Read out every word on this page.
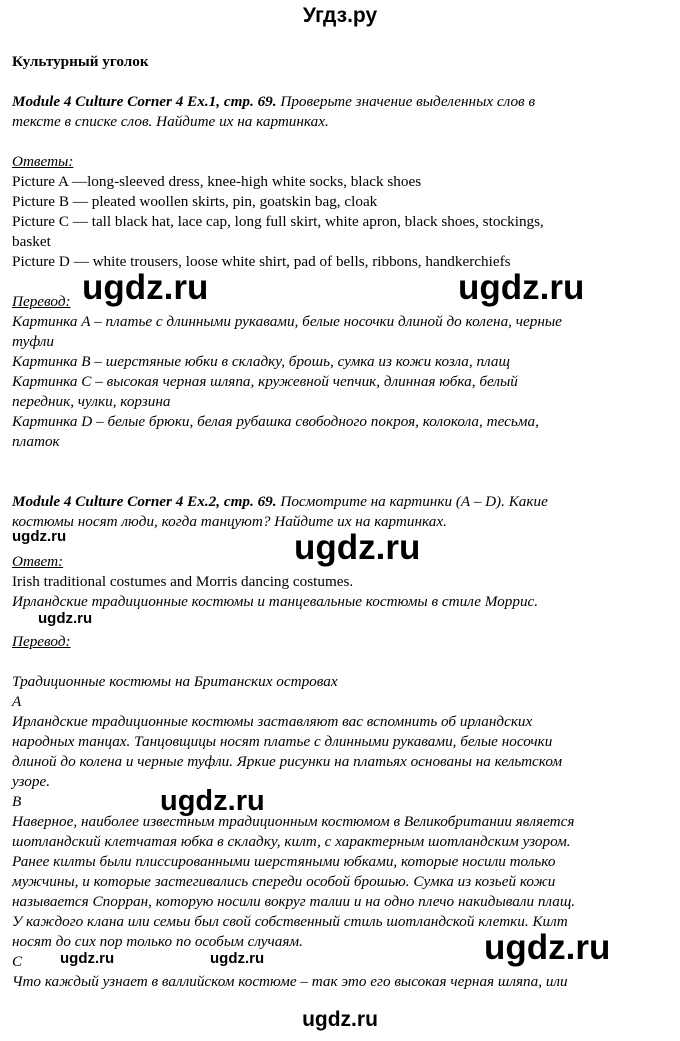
Угдз.ру
Культурный уголок
Module 4 Culture Corner 4 Ex.1, стр. 69. Проверьте значение выделенных слов в
тексте в списке слов. Найдите их на картинках.
Ответы:
Picture A —long-sleeved dress, knee-high white socks, black shoes
Picture B — pleated woollen skirts, pin, goatskin bag, cloak
Picture C — tall black hat, lace cap, long full skirt, white apron, black shoes, stockings,
basket
Picture D — white trousers, loose white shirt, pad of bells, ribbons, handkerchiefs
Перевод:
Картинка A – платье с длинными рукавами, белые носочки длиной до колена, черные
туфли
Картинка B – шерстяные юбки в складку, брошь, сумка из кожи козла, плащ
Картинка C – высокая черная шляпа, кружевной чепчик, длинная юбка, белый
передник, чулки, корзина
Картинка D – белые брюки, белая рубашка свободного покроя, колокола, тесьма,
платок
Module 4 Culture Corner 4 Ex.2, стр. 69. Посмотрите на картинки (A – D). Какие
костюмы носят люди, когда танцуют? Найдите их на картинках.
Ответ:
Irish traditional costumes and Morris dancing costumes.
Ирландские традиционные костюмы и танцевальные костюмы в стиле Моррис.
Перевод:
Традиционные костюмы на Британских островах
A
Ирландские традиционные костюмы заставляют вас вспомнить об ирландских
народных танцах. Танцовщицы носят платье с длинными рукавами, белые носочки
длиной до колена и черные туфли. Яркие рисунки на платьях основаны на кельтском
узоре.
B
Наверное, наиболее известным традиционным костюмом в Великобритании является
шотландский клетчатая юбка в складку, килт, с характерным шотландским узором.
Ранее килты были плиссированными шерстяными юбками, которые носили только
мужчины, и которые застегивались спереди особой брошью. Сумка из козьей кожи
называется Спорран, которую носили вокруг талии и на одно плечо накидывали плащ.
У каждого клана или семьи был свой собственный стиль шотландской клетки. Килт
носят до сих пор только по особым случаям.
C
Что каждый узнает в валлийском костюме – так это его высокая черная шляпа, или
ugdz.ru	ugdz.ru
ugdz.ru
ugdz.ru
ugdz.ru
ugdz.ru
ugdz.ru
ugdz.ru	ugdz.ru
ugdz.ru
